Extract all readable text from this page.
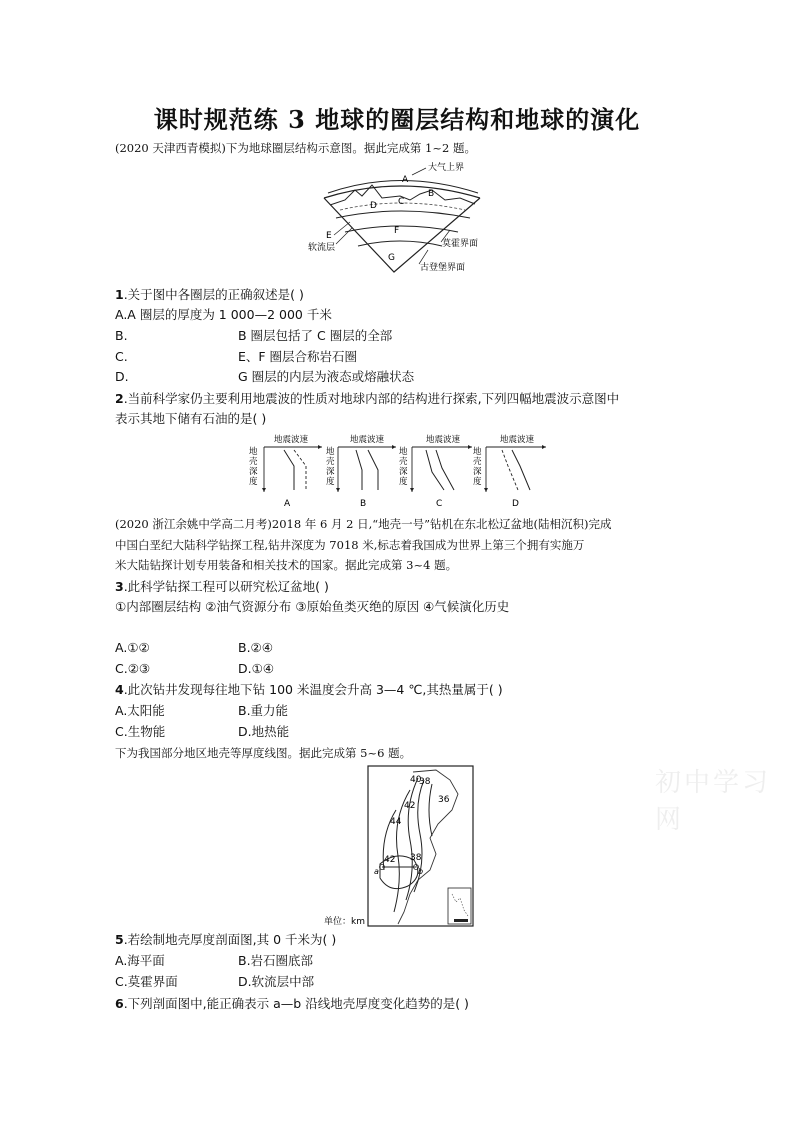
课时规范练 3 地球的圈层结构和地球的演化
(2020 天津西青模拟)下为地球圈层结构示意图。据此完成第 1~2 题。
大气上界
A
B
C
D
E	F
G
软流层	莫霍界面
古登堡界面
1.关于图中各圈层的正确叙述是( )
A.A 圈层的厚度为 1 000—2 000 千米
B.	B 圈层包括了 C 圈层的全部
C.	E、F 圈层合称岩石圈
D.	G 圈层的内层为液态或熔融状态
2.当前科学家仍主要利用地震波的性质对地球内部的结构进行探索,下列四幅地震波示意图中
表示其地下储有石油的是( )
地震波速
地
壳
深
度
A
地震波速
地
壳
深
度
B
地震波速
地
壳
深
度
C
地震波速
地
壳
深
度
D
(2020 浙江余姚中学高二月考)2018 年 6 月 2 日,“地壳一号”钻机在东北松辽盆地(陆相沉积)完成
中国白垩纪大陆科学钻探工程,钻井深度为 7018 米,标志着我国成为世界上第三个拥有实施万
米大陆钻探计划专用装备和相关技术的国家。据此完成第 3~4 题。
3.此科学钻探工程可以研究松辽盆地( )
①内部圈层结构 ②油气资源分布 ③原始鱼类灭绝的原因 ④气候演化历史
A.①②	B.②④
C.②③	D.①④
4.此次钻井发现每往地下钻 100 米温度会升高 3—4 ℃,其热量属于( )
A.太阳能	B.重力能
C.生物能	D.地热能
下为我国部分地区地壳等厚度线图。据此完成第 5~6 题。
38
40
36
42
44
42 38
a	b
单位：km
初中学习网
5.若绘制地壳厚度剖面图,其 0 千米为( )
A.海平面	B.岩石圈底部
C.莫霍界面	D.软流层中部
6.下列剖面图中,能正确表示 a—b 沿线地壳厚度变化趋势的是( )
